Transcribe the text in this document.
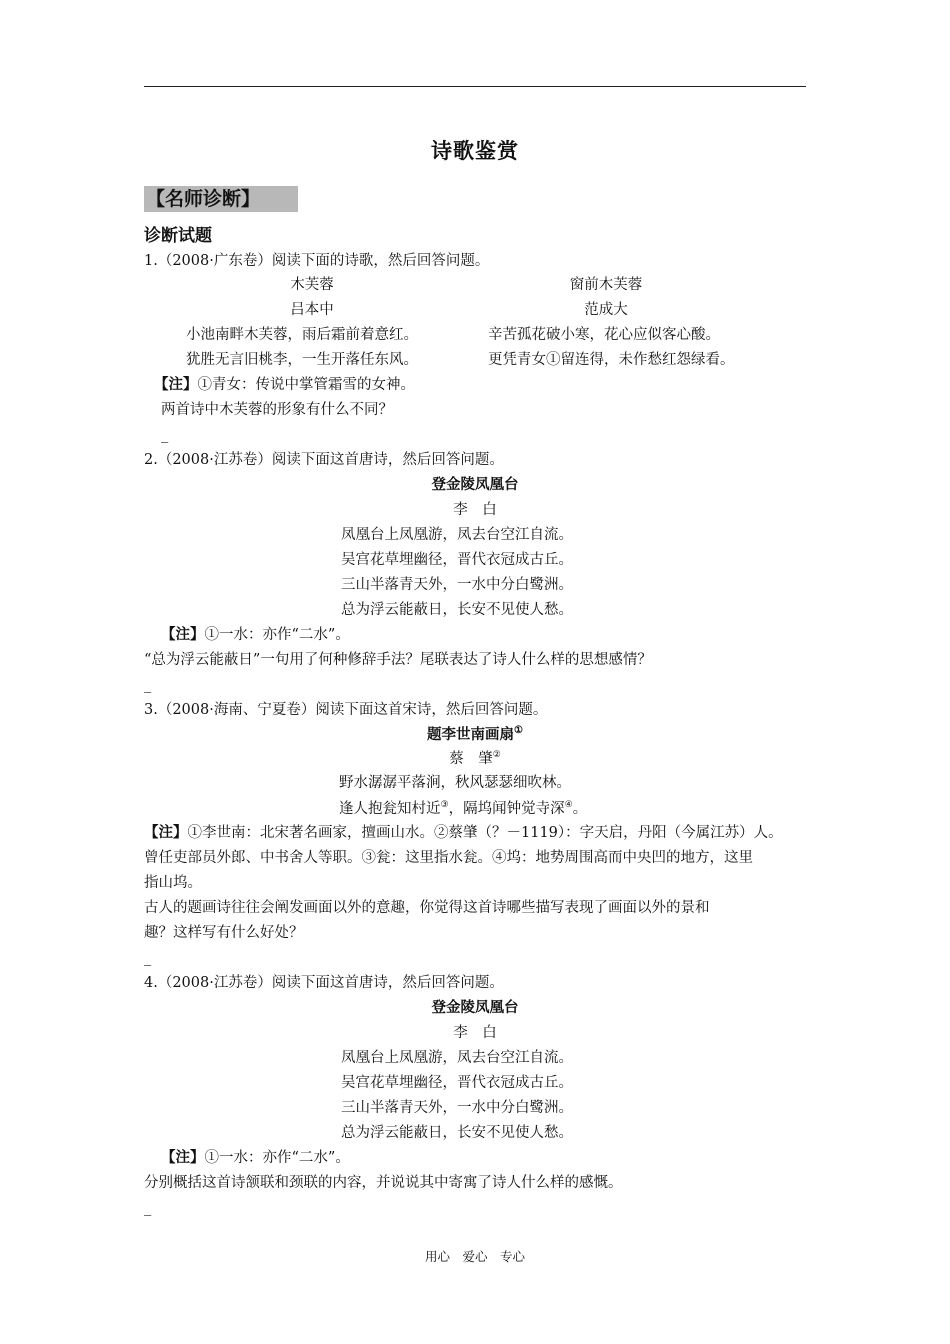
诗歌鉴赏
【名师诊断】
诊断试题
1.（2008·广东卷）阅读下面的诗歌，然后回答问题。
木芙蓉
吕本中
小池南畔木芙蓉，雨后霜前着意红。
犹胜无言旧桃李，一生开落任东风。
窗前木芙蓉
范成大
辛苦孤花破小寒，花心应似客心酸。
更凭青女①留连得，未作愁红怨绿看。
【注】①青女：传说中掌管霜雪的女神。
两首诗中木芙蓉的形象有什么不同？
_
2.（2008·江苏卷）阅读下面这首唐诗，然后回答问题。
登金陵凤凰台
李　白
凤凰台上凤凰游，凤去台空江自流。
吴宫花草埋幽径，晋代衣冠成古丘。
三山半落青天外，一水中分白鹭洲。
总为浮云能蔽日，长安不见使人愁。
【注】①一水：亦作“二水”。
“总为浮云能蔽日”一句用了何种修辞手法？尾联表达了诗人什么样的思想感情？
_
3.（2008·海南、宁夏卷）阅读下面这首宋诗，然后回答问题。
题李世南画扇①
蔡　肇②
野水潺潺平落涧，秋风瑟瑟细吹林。
逢人抱瓮知村近③，隔坞闻钟觉寺深④。
【注】①李世南：北宋著名画家，擅画山水。②蔡肇（？－1119）：字天启，丹阳（今属江苏）人。
曾任吏部员外郎、中书舍人等职。③瓮：这里指水瓮。④坞：地势周围高而中央凹的地方，这里
指山坞。
古人的题画诗往往会阐发画面以外的意趣，你觉得这首诗哪些描写表现了画面以外的景和
趣？这样写有什么好处？
_
4.（2008·江苏卷）阅读下面这首唐诗，然后回答问题。
登金陵凤凰台
李　白
凤凰台上凤凰游，凤去台空江自流。
吴宫花草埋幽径，晋代衣冠成古丘。
三山半落青天外，一水中分白鹭洲。
总为浮云能蔽日，长安不见使人愁。
【注】①一水：亦作“二水”。
分别概括这首诗颔联和颈联的内容，并说说其中寄寓了诗人什么样的感慨。
_
用心　爱心　专心
